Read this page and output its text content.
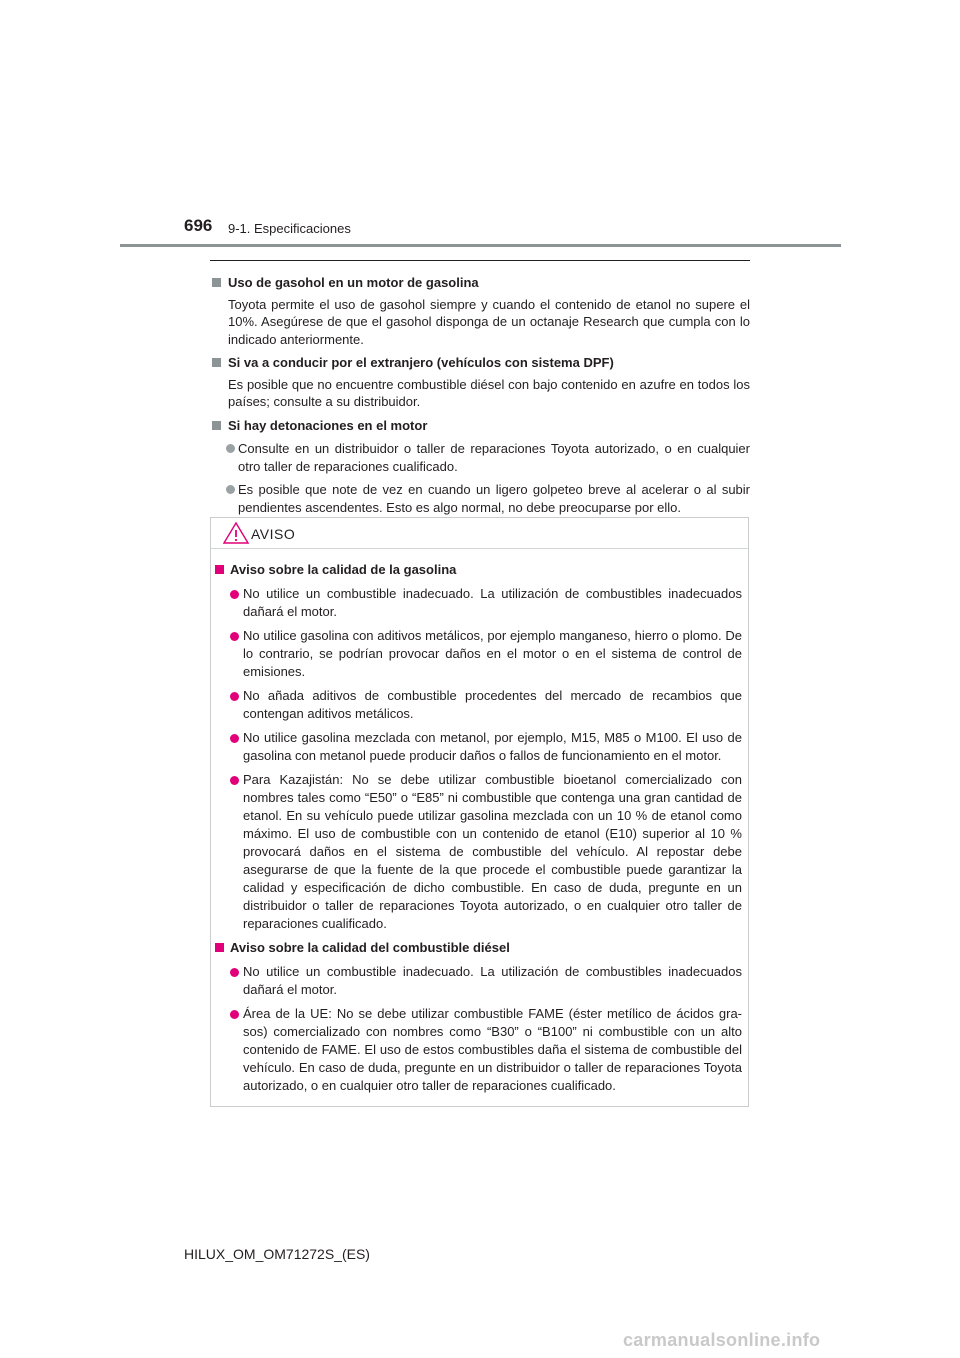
696 9-1. Especificaciones
Uso de gasohol en un motor de gasolina
Toyota permite el uso de gasohol siempre y cuando el contenido de etanol no supere el 10%. Asegúrese de que el gasohol disponga de un octanaje Research que cumpla con lo indicado anteriormente.
Si va a conducir por el extranjero (vehículos con sistema DPF)
Es posible que no encuentre combustible diésel con bajo contenido en azufre en todos los países; consulte a su distribuidor.
Si hay detonaciones en el motor
Consulte en un distribuidor o taller de reparaciones Toyota autorizado, o en cualquier otro taller de reparaciones cualificado.
Es posible que note de vez en cuando un ligero golpeteo breve al acelerar o al subir pendientes ascendentes. Esto es algo normal, no debe preocuparse por ello.
AVISO
Aviso sobre la calidad de la gasolina
No utilice un combustible inadecuado. La utilización de combustibles inadecuados dañará el motor.
No utilice gasolina con aditivos metálicos, por ejemplo manganeso, hierro o plomo. De lo contrario, se podrían provocar daños en el motor o en el sistema de control de emisiones.
No añada aditivos de combustible procedentes del mercado de recambios que contengan aditivos metálicos.
No utilice gasolina mezclada con metanol, por ejemplo, M15, M85 o M100. El uso de gasolina con metanol puede producir daños o fallos de funcionamiento en el motor.
Para Kazajistán: No se debe utilizar combustible bioetanol comercializado con nombres tales como “E50” o “E85” ni combustible que contenga una gran cantidad de etanol. En su vehículo puede utilizar gasolina mezclada con un 10 % de etanol como máximo. El uso de combustible con un contenido de etanol (E10) superior al 10 % provocará daños en el sistema de combustible del vehículo. Al repostar debe asegurarse de que la fuente de la que procede el combustible puede garantizar la calidad y especificación de dicho combustible. En caso de duda, pregunte en un distribuidor o taller de reparaciones Toyota autorizado, o en cualquier otro taller de reparaciones cualificado.
Aviso sobre la calidad del combustible diésel
No utilice un combustible inadecuado. La utilización de combustibles inadecuados dañará el motor.
Área de la UE: No se debe utilizar combustible FAME (éster metílico de ácidos gra-sos) comercializado con nombres como “B30” o “B100” ni combustible con un alto contenido de FAME. El uso de estos combustibles daña el sistema de combustible del vehículo. En caso de duda, pregunte en un distribuidor o taller de reparaciones Toyota autorizado, o en cualquier otro taller de reparaciones cualificado.
HILUX_OM_OM71272S_(ES)
carmanualsonline.info
